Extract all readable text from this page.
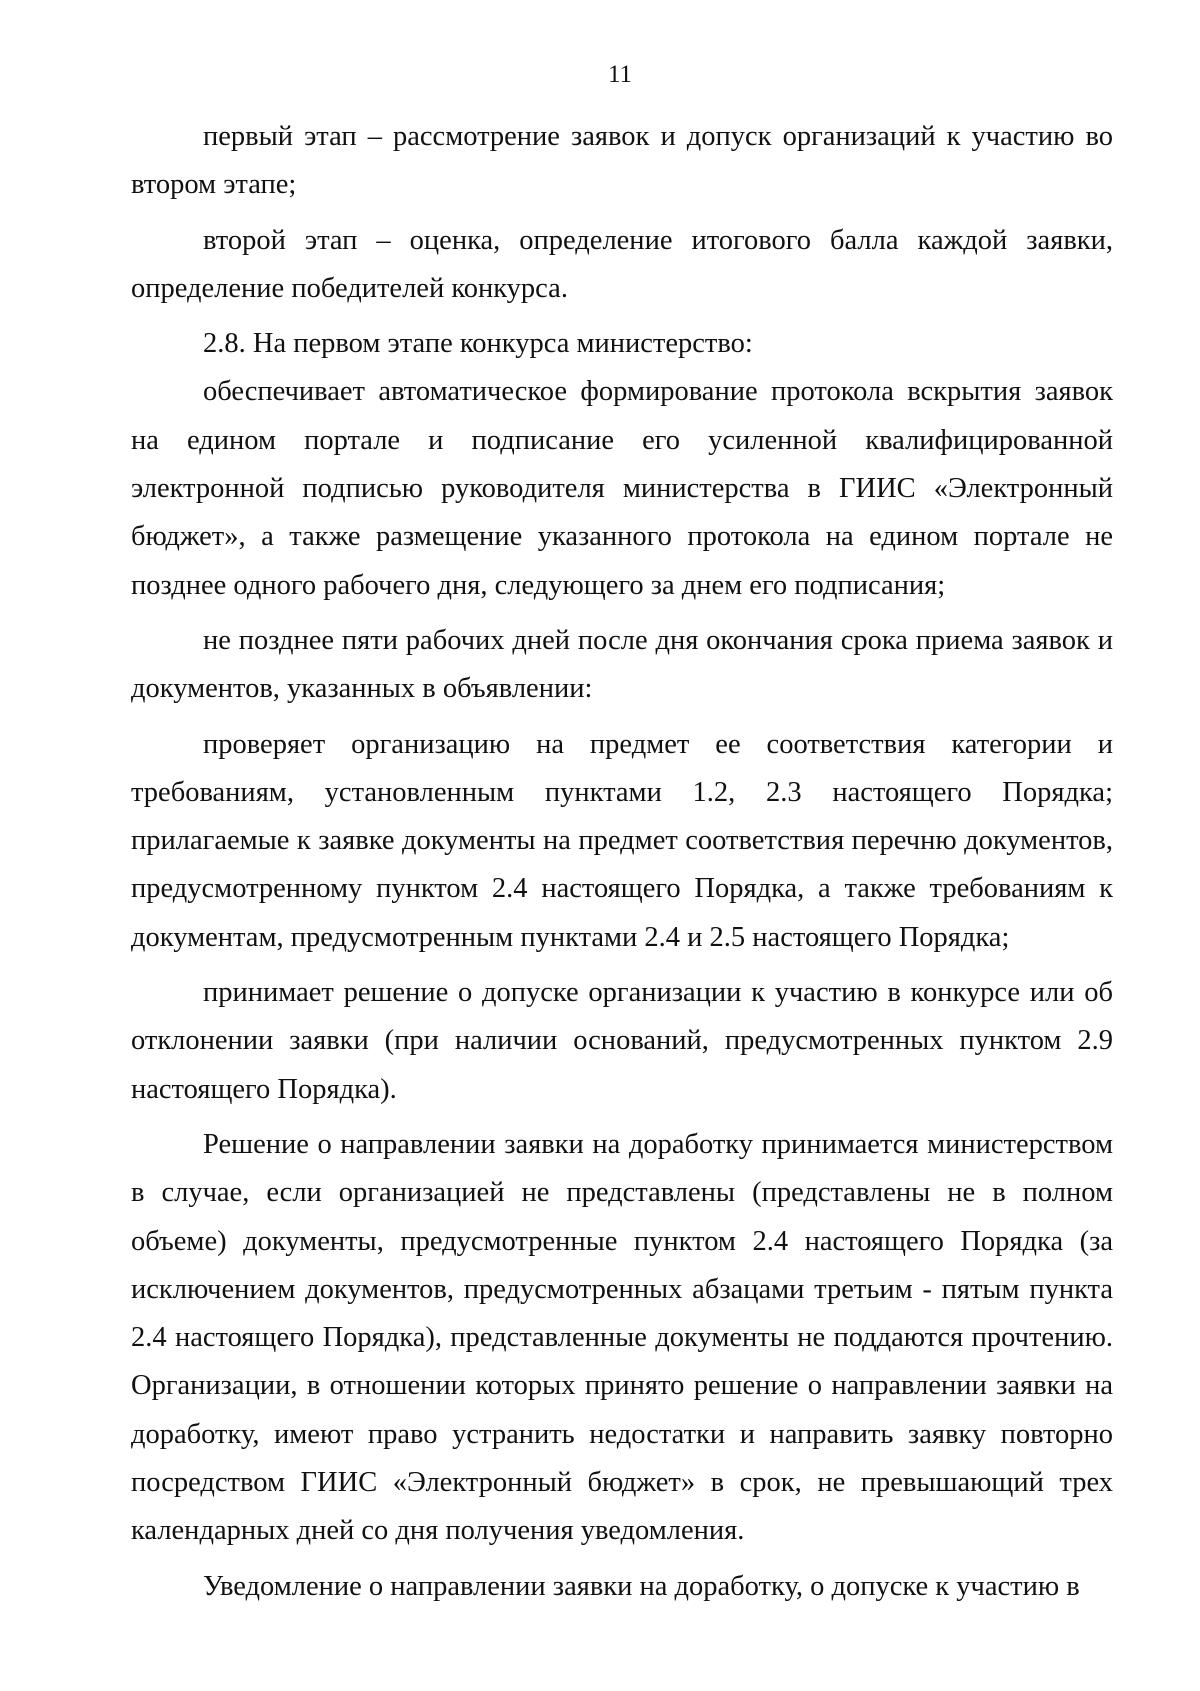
11

первый этап – рассмотрение заявок и допуск организаций к участию во втором этапе;

второй этап – оценка, определение итогового балла каждой заявки, определение победителей конкурса.

2.8. На первом этапе конкурса министерство:

обеспечивает автоматическое формирование протокола вскрытия заявок на едином портале и подписание его усиленной квалифицированной электронной подписью руководителя министерства в ГИИС «Электронный бюджет», а также размещение указанного протокола на едином портале не позднее одного рабочего дня, следующего за днем его подписания;

не позднее пяти рабочих дней после дня окончания срока приема заявок и документов, указанных в объявлении:

проверяет организацию на предмет ее соответствия категории и требованиям, установленным пунктами 1.2, 2.3 настоящего Порядка; прилагаемые к заявке документы на предмет соответствия перечню документов, предусмотренному пунктом 2.4 настоящего Порядка, а также требованиям к документам, предусмотренным пунктами 2.4 и 2.5 настоящего Порядка;

принимает решение о допуске организации к участию в конкурсе или об отклонении заявки (при наличии оснований, предусмотренных пунктом 2.9 настоящего Порядка).

Решение о направлении заявки на доработку принимается министерством в случае, если организацией не представлены (представлены не в полном объеме) документы, предусмотренные пунктом 2.4 настоящего Порядка (за исключением документов, предусмотренных абзацами третьим - пятым пункта 2.4 настоящего Порядка), представленные документы не поддаются прочтению. Организации, в отношении которых принято решение о направлении заявки на доработку, имеют право устранить недостатки и направить заявку повторно посредством ГИИС «Электронный бюджет» в срок, не превышающий трех календарных дней со дня получения уведомления.

Уведомление о направлении заявки на доработку, о допуске к участию в
